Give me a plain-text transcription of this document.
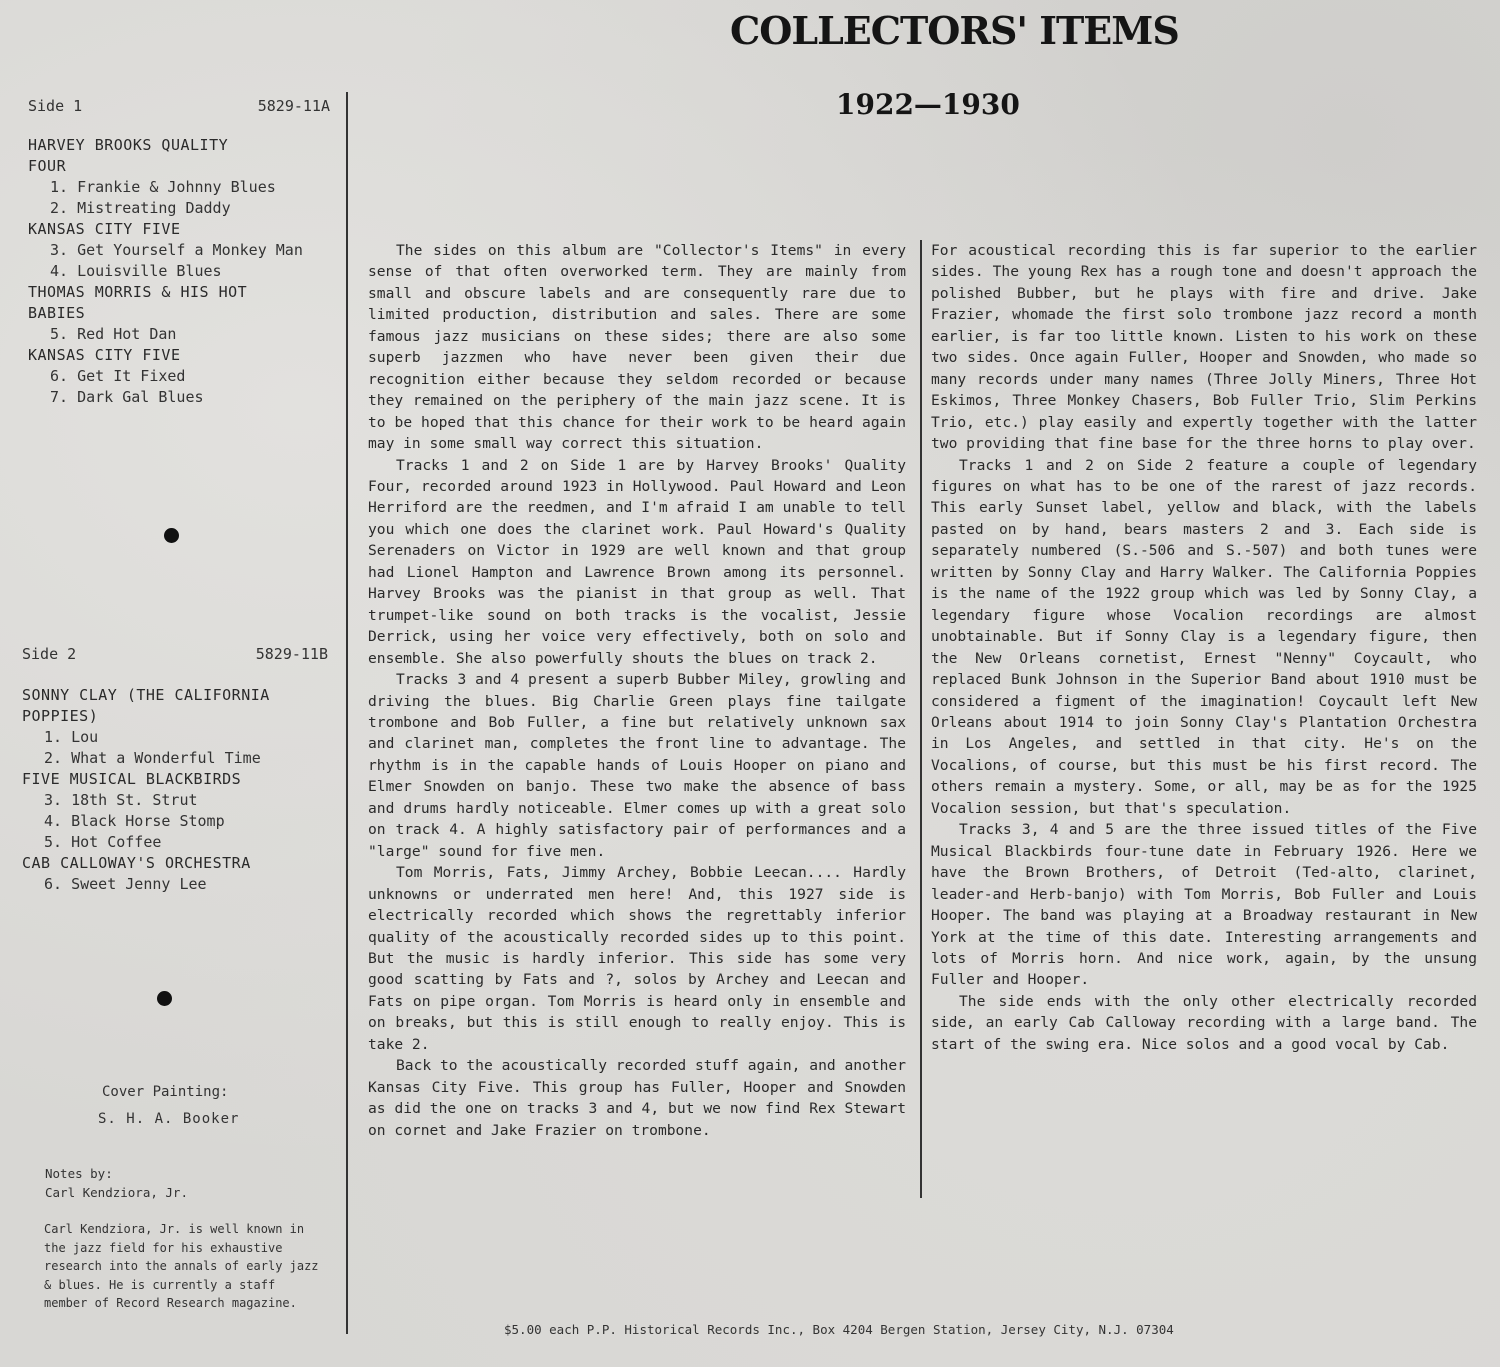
COLLECTORS' ITEMS
1922—1930
Side 1	5829-11A
HARVEY BROOKS QUALITY
FOUR
1. Frankie & Johnny Blues
2. Mistreating Daddy
KANSAS CITY FIVE
3. Get Yourself a Monkey Man
4. Louisville Blues
THOMAS MORRIS & HIS HOT
BABIES
5. Red Hot Dan
KANSAS CITY FIVE
6. Get It Fixed
7. Dark Gal Blues
Side 2	5829-11B
SONNY CLAY (THE CALIFORNIA
POPPIES)
1. Lou
2. What a Wonderful Time
FIVE MUSICAL BLACKBIRDS
3. 18th St. Strut
4. Black Horse Stomp
5. Hot Coffee
CAB CALLOWAY'S ORCHESTRA
6. Sweet Jenny Lee
Cover Painting:
S. H. A. Booker
Notes by:
Carl Kendziora, Jr.
Carl Kendziora, Jr. is well known in the jazz field for his exhaustive research into the annals of early jazz & blues. He is currently a staff member of Record Research magazine.

The sides on this album are "Collector's Items" in every sense of that often overworked term. They are mainly from small and obscure labels and are consequently rare due to limited production, distribution and sales. There are some famous jazz musicians on these sides; there are also some superb jazzmen who have never been given their due recognition either because they seldom recorded or because they remained on the periphery of the main jazz scene. It is to be hoped that this chance for their work to be heard again may in some small way correct this situation.

Tracks 1 and 2 on Side 1 are by Harvey Brooks' Quality Four, recorded around 1923 in Hollywood. Paul Howard and Leon Herriford are the reedmen, and I'm afraid I am unable to tell you which one does the clarinet work. Paul Howard's Quality Serenaders on Victor in 1929 are well known and that group had Lionel Hampton and Lawrence Brown among its personnel. Harvey Brooks was the pianist in that group as well. That trumpet-like sound on both tracks is the vocalist, Jessie Derrick, using her voice very effectively, both on solo and ensemble. She also powerfully shouts the blues on track 2.

Tracks 3 and 4 present a superb Bubber Miley, growling and driving the blues. Big Charlie Green plays fine tailgate trombone and Bob Fuller, a fine but relatively unknown sax and clarinet man, completes the front line to advantage. The rhythm is in the capable hands of Louis Hooper on piano and Elmer Snowden on banjo. These two make the absence of bass and drums hardly noticeable. Elmer comes up with a great solo on track 4. A highly satisfactory pair of performances and a "large" sound for five men.

Tom Morris, Fats, Jimmy Archey, Bobbie Leecan.... Hardly unknowns or underrated men here! And, this 1927 side is electrically recorded which shows the regrettably inferior quality of the acoustically recorded sides up to this point. But the music is hardly inferior. This side has some very good scatting by Fats and ?, solos by Archey and Leecan and Fats on pipe organ. Tom Morris is heard only in ensemble and on breaks, but this is still enough to really enjoy. This is take 2.

Back to the acoustically recorded stuff again, and another Kansas City Five. This group has Fuller, Hooper and Snowden as did the one on tracks 3 and 4, but we now find Rex Stewart on cornet and Jake Frazier on trombone.

For acoustical recording this is far superior to the earlier sides. The young Rex has a rough tone and doesn't approach the polished Bubber, but he plays with fire and drive. Jake Frazier, whomade the first solo trombone jazz record a month earlier, is far too little known. Listen to his work on these two sides. Once again Fuller, Hooper and Snowden, who made so many records under many names (Three Jolly Miners, Three Hot Eskimos, Three Monkey Chasers, Bob Fuller Trio, Slim Perkins Trio, etc.) play easily and expertly together with the latter two providing that fine base for the three horns to play over.

Tracks 1 and 2 on Side 2 feature a couple of legendary figures on what has to be one of the rarest of jazz records. This early Sunset label, yellow and black, with the labels pasted on by hand, bears masters 2 and 3. Each side is separately numbered (S.-506 and S.-507) and both tunes were written by Sonny Clay and Harry Walker. The California Poppies is the name of the 1922 group which was led by Sonny Clay, a legendary figure whose Vocalion recordings are almost unobtainable. But if Sonny Clay is a legendary figure, then the New Orleans cornetist, Ernest "Nenny" Coycault, who replaced Bunk Johnson in the Superior Band about 1910 must be considered a figment of the imagination! Coycault left New Orleans about 1914 to join Sonny Clay's Plantation Orchestra in Los Angeles, and settled in that city. He's on the Vocalions, of course, but this must be his first record. The others remain a mystery. Some, or all, may be as for the 1925 Vocalion session, but that's speculation.

Tracks 3, 4 and 5 are the three issued titles of the Five Musical Blackbirds four-tune date in February 1926. Here we have the Brown Brothers, of Detroit (Ted-alto, clarinet, leader-and Herb-banjo) with Tom Morris, Bob Fuller and Louis Hooper. The band was playing at a Broadway restaurant in New York at the time of this date. Interesting arrangements and lots of Morris horn. And nice work, again, by the unsung Fuller and Hooper.

The side ends with the only other electrically recorded side, an early Cab Calloway recording with a large band. The start of the swing era. Nice solos and a good vocal by Cab.

$5.00 each P.P. Historical Records Inc., Box 4204 Bergen Station, Jersey City, N.J. 07304
